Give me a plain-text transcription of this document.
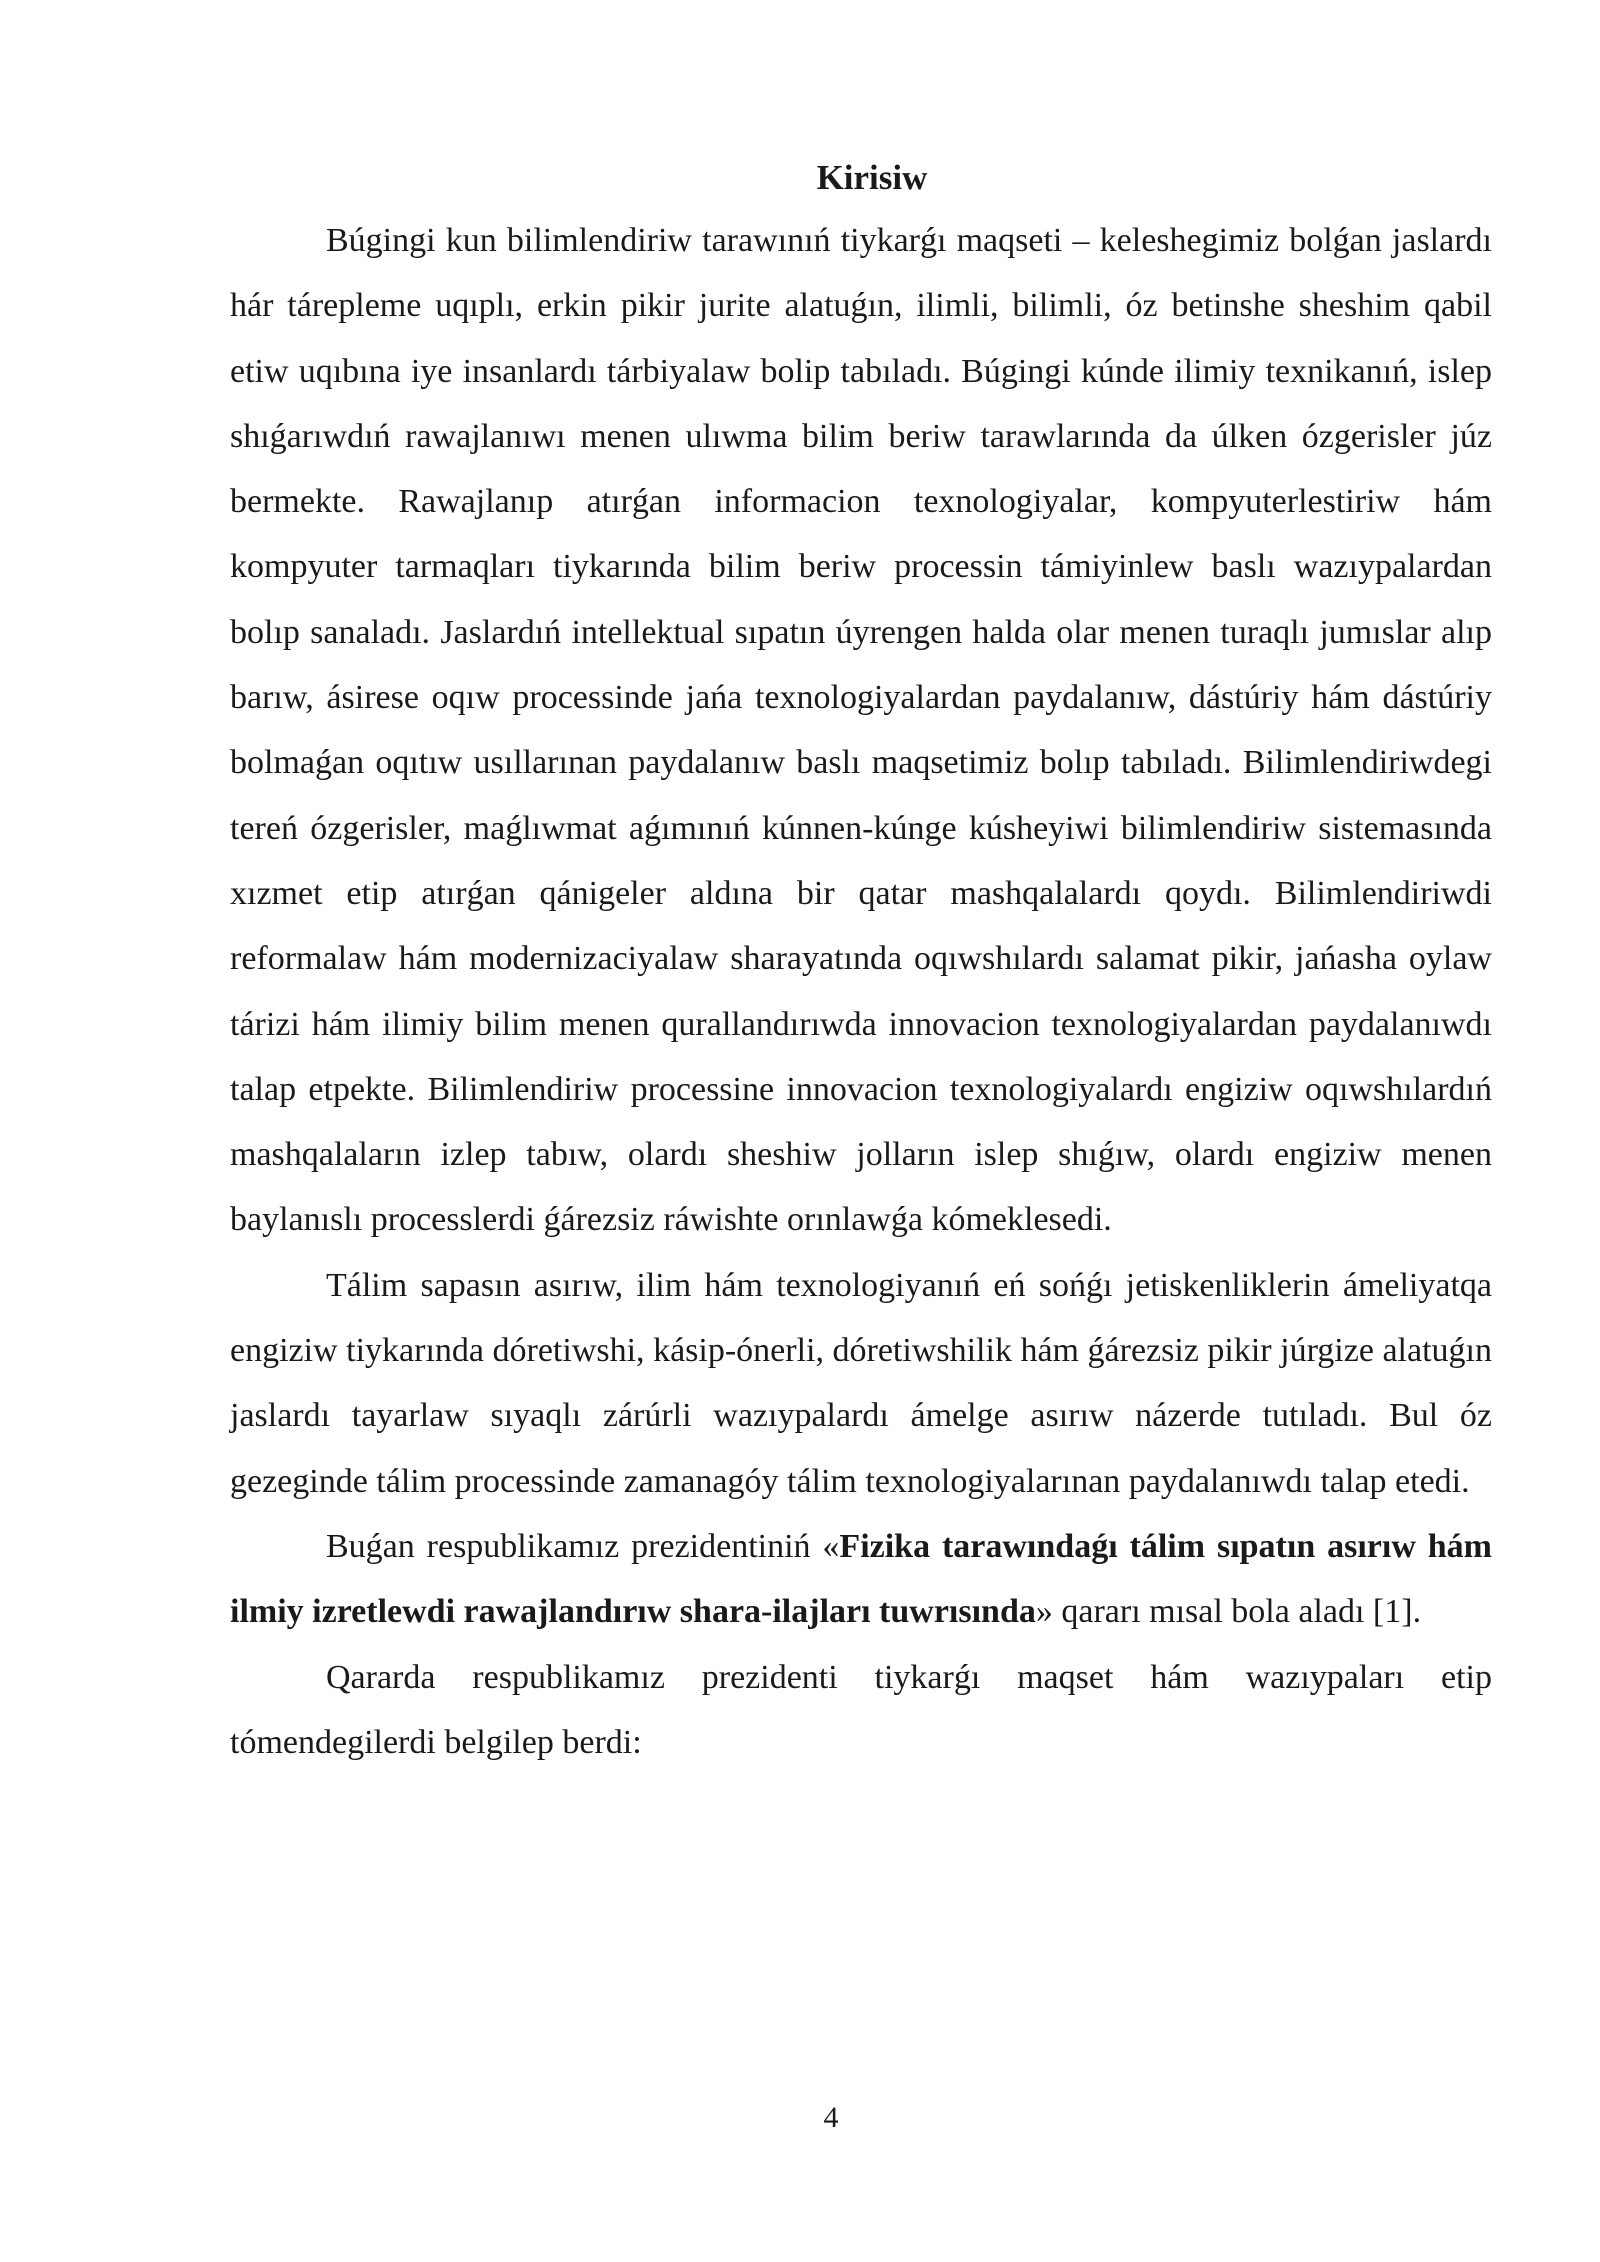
Kirisiw

Búgingi kun bilimlendiriw tarawınıń tiykarǵı maqseti – keleshegimiz bolǵan jaslardı hár tárepleme uqıplı, erkin pikir jurite alatuǵın, ilimli, bilimli, óz betinshe sheshim qabil etiw uqıbına iye insanlardı tárbiyalaw bolip tabıladı. Búgingi kúnde ilimiy texnikanıń, islep shıǵarıwdıń rawajlanıwı menen ulıwma bilim beriw tarawlarında da úlken ózgerisler júz bermekte. Rawajlanıp atırǵan informacion texnologiyalar, kompyuterlestiriw hám kompyuter tarmaqları tiykarında bilim beriw processin támiyinlew baslı wazıypalardan bolıp sanaladı. Jaslardıń intellektual sıpatın úyrengen halda olar menen turaqlı jumıslar alıp barıw, ásirese oqıw processinde jańa texnologiyalardan paydalanıw, dástúriy hám dástúriy bolmaǵan oqıtıw usıllarınan paydalanıw baslı maqsetimiz bolıp tabıladı. Bilimlendiriwdegi tereń ózgerisler, maǵlıwmat aǵımınıń kúnnen-kúnge kúsheyiwi bilimlendiriw sistemasında xızmet etip atırǵan qánigeler aldına bir qatar mashqalalardı qoydı. Bilimlendiriwdi reformalaw hám modernizaciyalaw sharayatında oqıwshılardı salamat pikir, jańasha oylaw tárizi hám ilimiy bilim menen qurallandırıwda innovacion texnologiyalardan paydalanıwdı talap etpekte. Bilimlendiriw processine innovacion texnologiyalardı engiziw oqıwshılardıń mashqalaların izlep tabıw, olardı sheshiw jolların islep shıǵıw, olardı engiziw menen baylanıslı processlerdi ǵárezsiz ráwishte orınlawǵa kómeklesedi.

Tálim sapasın asırıw, ilim hám texnologiyanıń eń sońǵı jetiskenliklerin ámeliyatqa engiziw tiykarında dóretiwshi, kásip-ónerli, dóretiwshilik hám ǵárezsiz pikir júrgize alatuǵın jaslardı tayarlaw sıyaqlı zárúrli wazıypalardı ámelge asırıw názerde tutıladı. Bul óz gezeginde tálim processinde zamanagóy tálim texnologiyalarınan paydalanıwdı talap etedi.

Buǵan respublikamız prezidentiniń «Fizika tarawındaǵı tálim sıpatın asırıw hám ilmiy izretlewdi rawajlandırıw shara-ilajları tuwrısında» qararı mısal bola aladı [1].

Qararda respublikamız prezidenti tiykarǵı maqset hám wazıypaları etip tómendegilerdi belgilep berdi:

4
